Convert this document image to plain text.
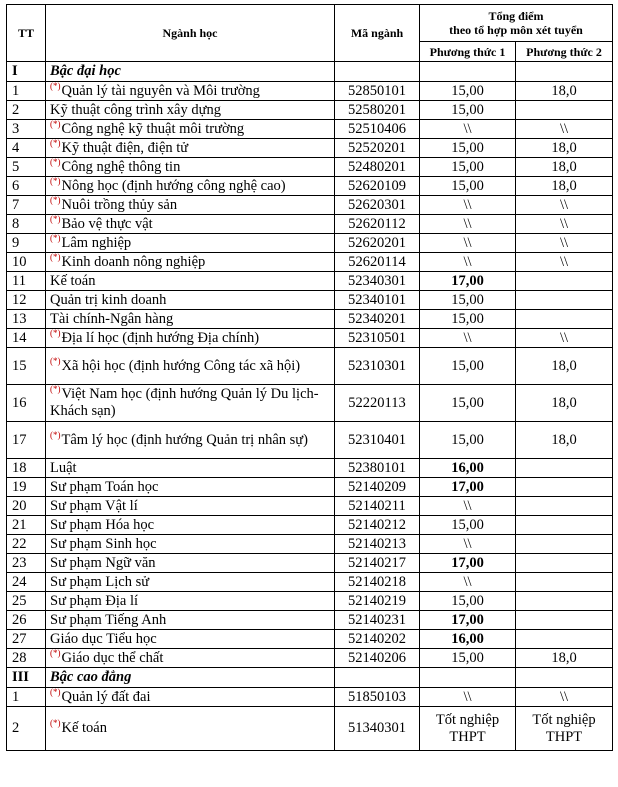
TT	Ngành học	Mã ngành	Tổng điểm
theo tổ hợp môn xét tuyển	

			Phương thức 1	Phương thức 2
I	Bậc đại học			
1	(*)Quản lý tài nguyên và Môi trường	52850101	15,00	18,0
2	Kỹ thuật công trình xây dựng	52580201	15,00	
3	(*)Công nghệ kỹ thuật môi trường	52510406	\\	\\
4	(*)Kỹ thuật điện, điện tử	52520201	15,00	18,0
5	(*)Công nghệ thông tin	52480201	15,00	18,0
6	(*)Nông học (định hướng công nghệ cao)	52620109	15,00	18,0
7	(*)Nuôi trồng thủy sản	52620301	\\	\\
8	(*)Bảo vệ thực vật	52620112	\\	\\
9	(*)Lâm nghiệp	52620201	\\	\\
10	(*)Kinh doanh nông nghiệp	52620114	\\	\\
11	Kế toán	52340301	17,00	
12	Quản trị kinh doanh	52340101	15,00	
13	Tài chính-Ngân hàng	52340201	15,00	
14	(*)Địa lí học (định hướng Địa chính)	52310501	\\	\\
15	(*)Xã hội học (định hướng Công tác xã hội)	52310301	15,00	18,0
16	(*)Việt Nam học (định hướng Quản lý Du lịch-Khách sạn)	52220113	15,00	18,0
17	(*)Tâm lý học (định hướng Quản trị nhân sự)	52310401	15,00	18,0
18	Luật	52380101	16,00	
19	Sư phạm Toán học	52140209	17,00	
20	Sư phạm Vật lí	52140211	\\	
21	Sư phạm Hóa học	52140212	15,00	
22	Sư phạm Sinh học	52140213	\\	
23	Sư phạm Ngữ văn	52140217	17,00	
24	Sư phạm Lịch sử	52140218	\\	
25	Sư phạm Địa lí	52140219	15,00	
26	Sư phạm Tiếng Anh	52140231	17,00	
27	Giáo dục Tiểu học	52140202	16,00	
28	(*)Giáo dục thể chất	52140206	15,00	18,0
III	Bậc cao đẳng			
1	(*)Quản lý đất đai	51850103	\\	\\
2	(*)Kế toán	51340301	Tốt nghiệp THPT	Tốt nghiệp THPT
